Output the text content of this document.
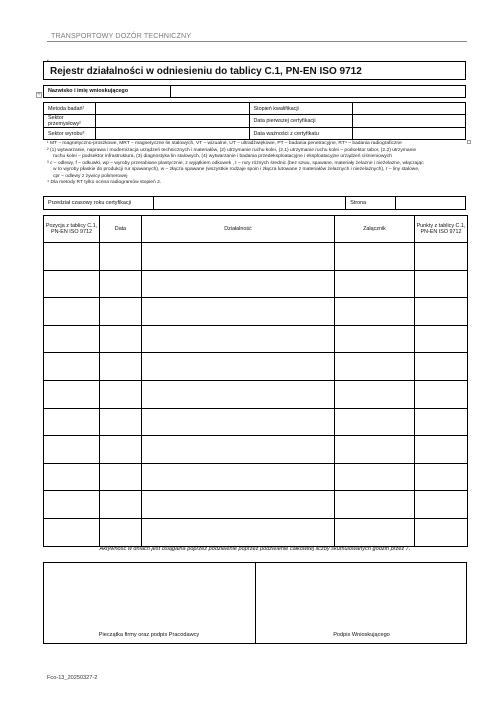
TRANSPORTOWY DOZÓR TECHNICZNY
•
Rejestr działalności w odniesieniu do tablicy C.1, PN-EN ISO 9712
+
Nazwisko i imię wnioskującego
Metoda badań¹		Stopień kwalifikacji	
Sektor przemysłowy²		Data pierwszej certyfikacji	
Sektor wyrobu³		Data ważności z certyfikatu	
¹ MT – magnetyczno-proszkowe, MRT – magnetyczne lin stalowych, VT – wizualne, UT – ultradźwiękowe, PT – badania penetracyjne, RT⁴ – badania radiograficzne
² (1) wytwarzanie, naprawa i modernizacja urządzeń technicznych i materiałów, (2) utrzymanie ruchu kolei, (2.1) utrzymanie ruchu kolei – podsektor tabor, (2.2) utrzymanie
ruchu kolei – podsektor infrastruktura, (3) diagnostyka lin stalowych, (4) wytwarzanie i badania przedeksploatacyjne i eksploatacyjne urządzeń ciśnieniowych
³ c – odlewy, f – odkuwki, wp – wyroby przerabiane plastycznie, z wyjątkiem odkuwek , t – rury różnych średnic (bez szwu, spawane, materiały żelazne i nieżelazne, włączając
w to wyroby płaskie do produkcji rur spawanych), w – złącza spawane (wszystkie rodzaje spoin i złącza lutowane z materiałów żelaznych i nieżelaznych), r – liny stalowe,
cpr – odlewy z żywicy polimerowej
⁴ Dla metody RT tylko ocena radiogramów stopień 2.
Przedział czasowy roku certyfikacji		Strona	
Pozycja z tablicy C.1, PN-EN ISO 9712	Data	Działalność	Załącznik	Punkty z tablicy C.1, PN-EN ISO 9712

Aktywność w dniach jest osiągalna poprzez podzielenie poprzez podzielenie całkowitej liczby skumulowanych godzin przez 7.
Pieczątka firmy oraz podpis Pracodawcy	Podpis Wnioskującego
Fco-13_20250327-2
